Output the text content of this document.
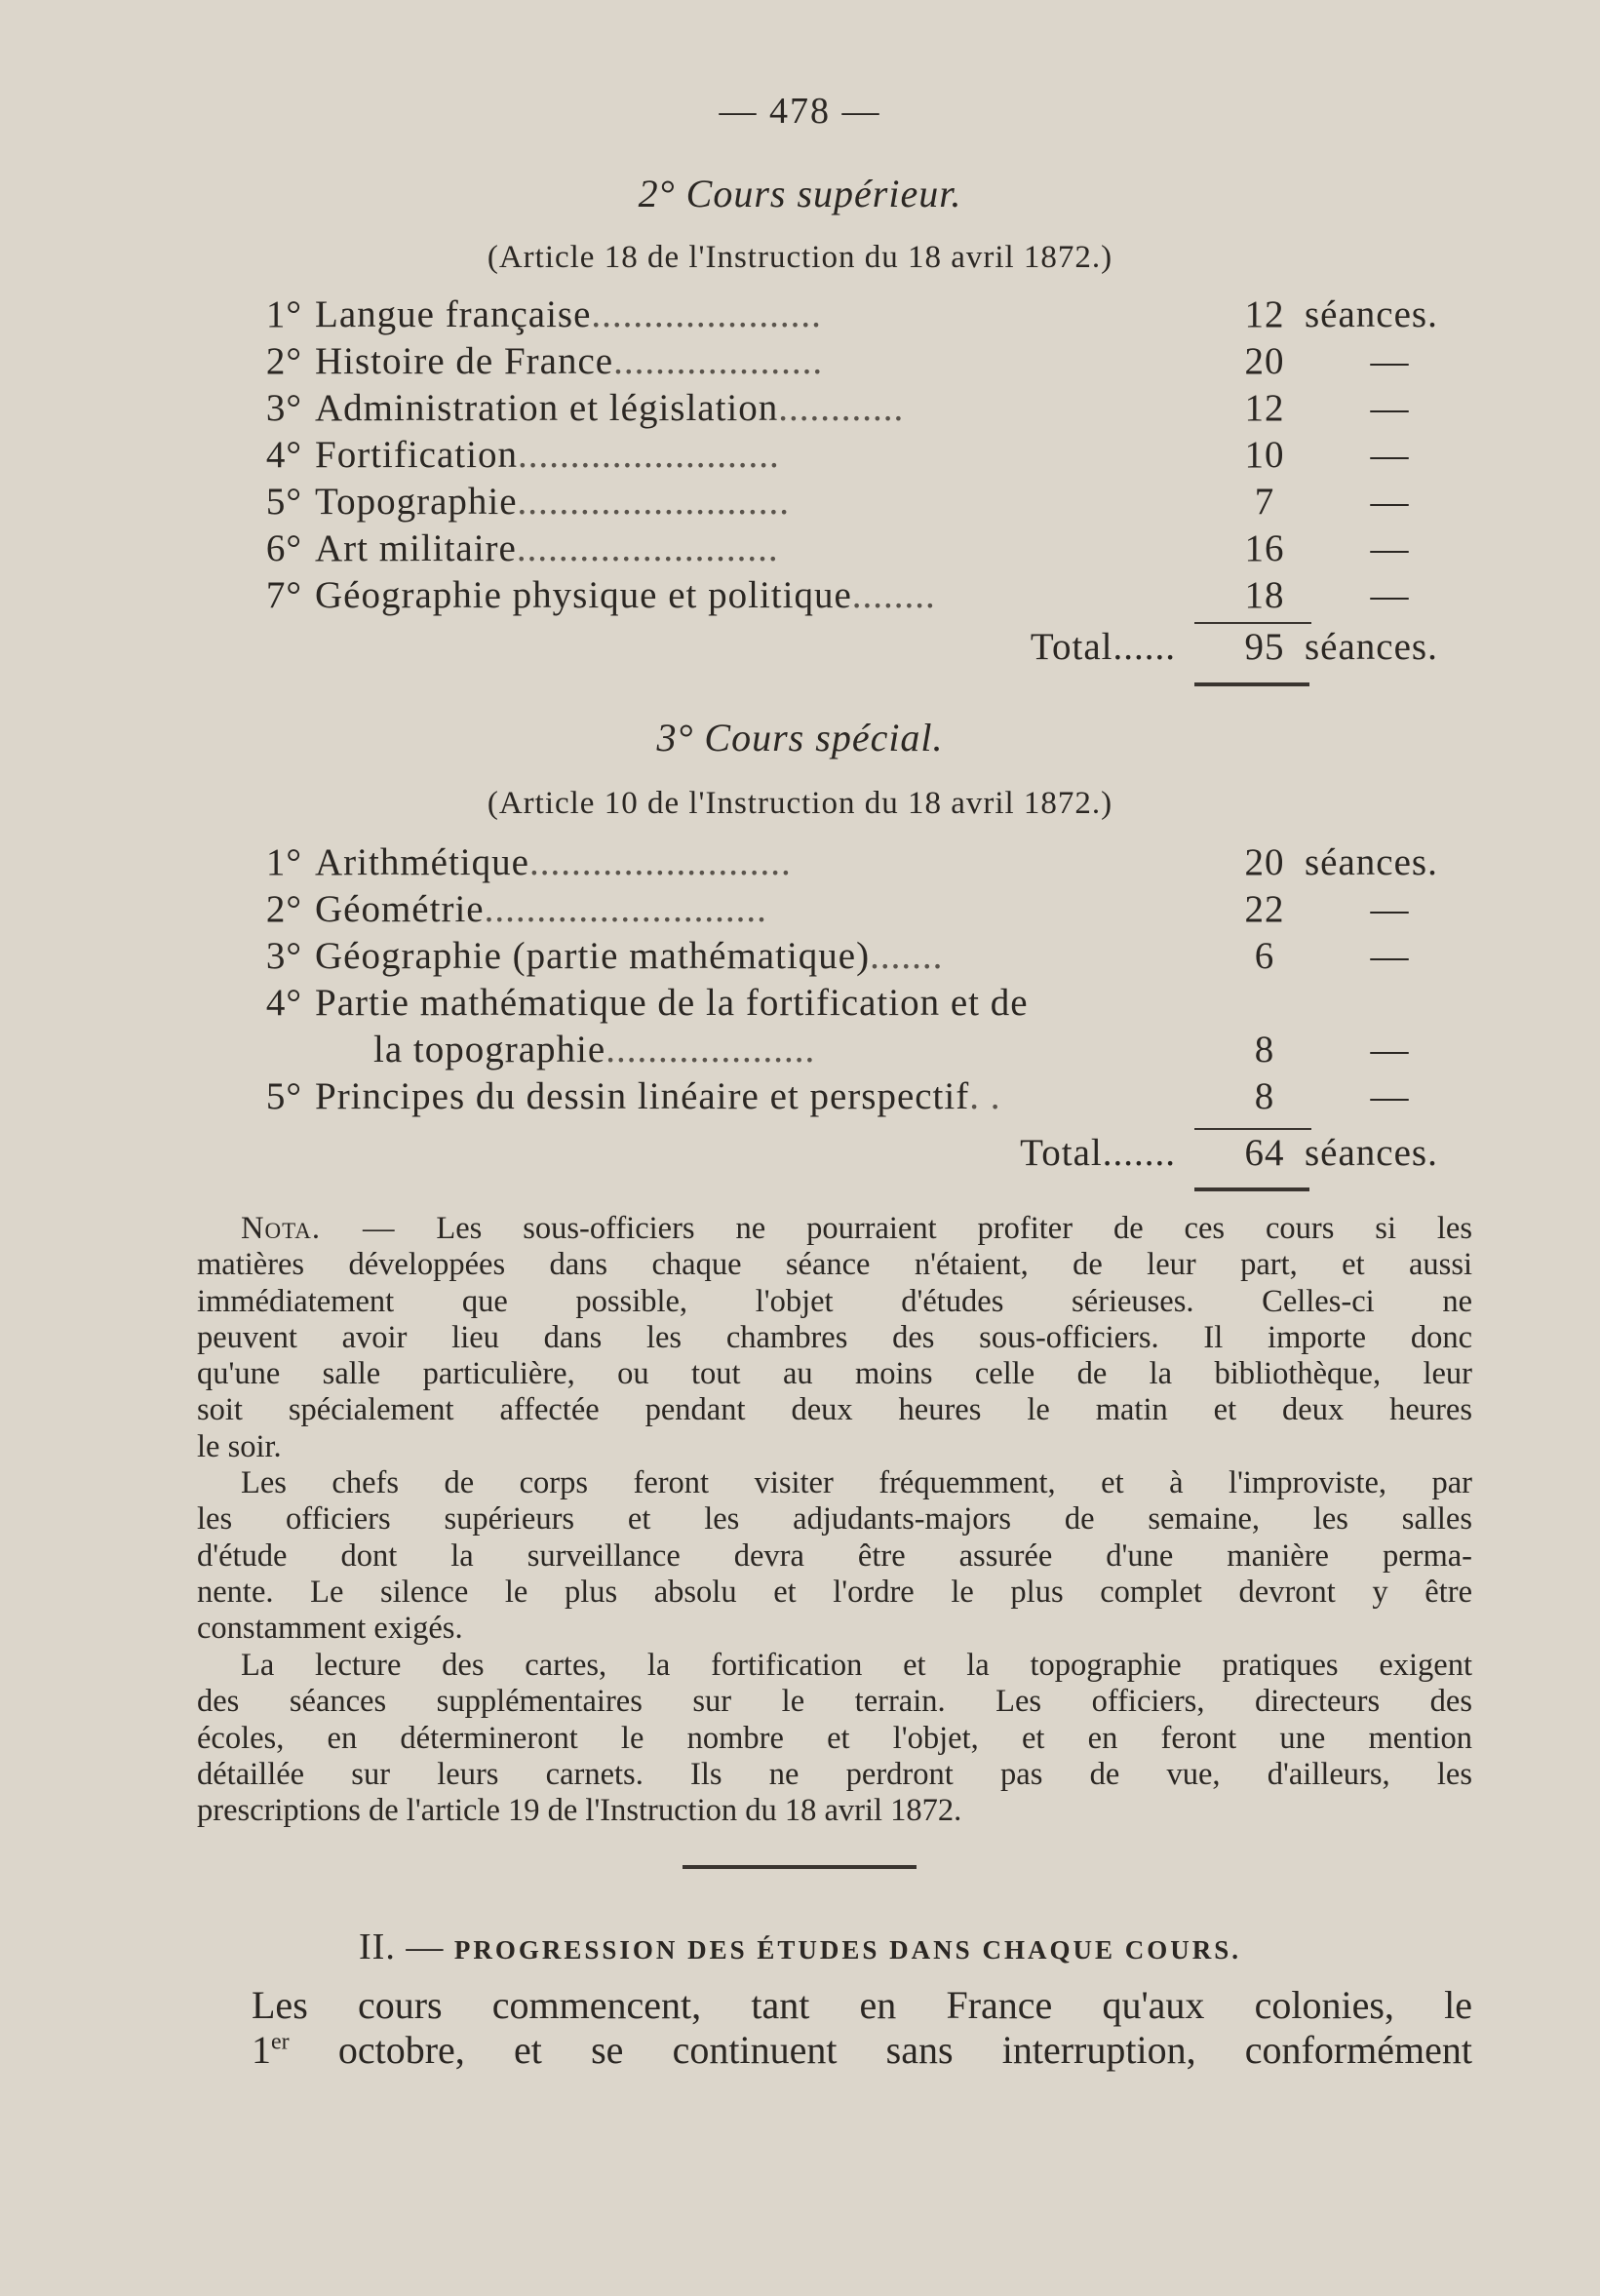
— 478 —
2° Cours supérieur.
(Article 18 de l'Instruction du 18 avril 1872.)
1° Langue française......................	12 séances.
2° Histoire de France....................	20	—
3° Administration et législation............	12	—
4° Fortification.........................	10	—
5° Topographie..........................	7	—
6° Art militaire.........................	16	—
7° Géographie physique et politique........	18	—
Total......	95 séances.
3° Cours spécial.
(Article 10 de l'Instruction du 18 avril 1872.)
1° Arithmétique.........................	20 séances.
2° Géométrie...........................	22	—
3° Géographie (partie mathématique).......	6	—
4° Partie mathématique de la fortification et de
la topographie....................	8	—
5° Principes du dessin linéaire et perspectif. .	8	—
Total.......	64 séances.
Nota. — Les sous-officiers ne pourraient profiter de ces cours si les
matières développées dans chaque séance n'étaient, de leur part, et aussi
immédiatement que possible, l'objet d'études sérieuses. Celles-ci ne
peuvent avoir lieu dans les chambres des sous-officiers. Il importe donc
qu'une salle particulière, ou tout au moins celle de la bibliothèque, leur
soit spécialement affectée pendant deux heures le matin et deux heures
le soir.
Les chefs de corps feront visiter fréquemment, et à l'improviste, par
les officiers supérieurs et les adjudants-majors de semaine, les salles
d'étude dont la surveillance devra être assurée d'une manière perma-
nente. Le silence le plus absolu et l'ordre le plus complet devront y être
constamment exigés.
La lecture des cartes, la fortification et la topographie pratiques exigent
des séances supplémentaires sur le terrain. Les officiers, directeurs des
écoles, en détermineront le nombre et l'objet, et en feront une mention
détaillée sur leurs carnets. Ils ne perdront pas de vue, d'ailleurs, les
prescriptions de l'article 19 de l'Instruction du 18 avril 1872.
II. — PROGRESSION DES ÉTUDES DANS CHAQUE COURS.
Les cours commencent, tant en France qu'aux colonies, le
1er octobre, et se continuent sans interruption, conformément
